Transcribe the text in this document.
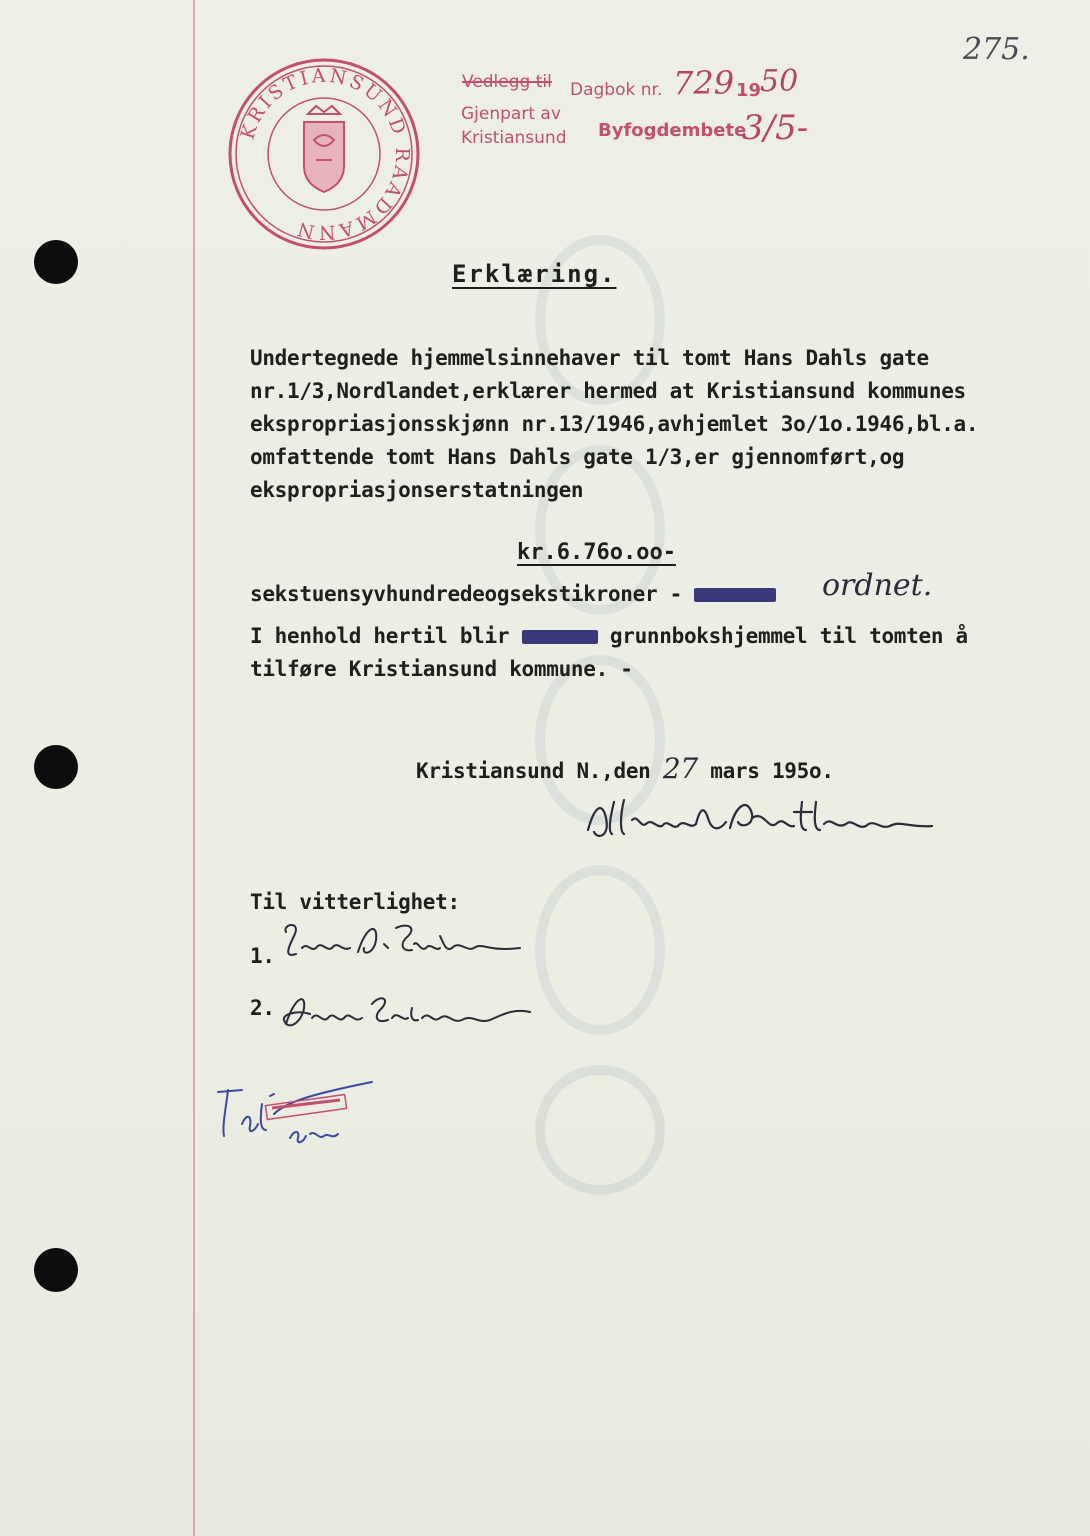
275.
KRISTIANSUND RAADMANN
Vedlegg til Dagbok nr. 729 19
50
Gjenpart av
Kristiansund Byfogdembete
3/5-
Erklæring.
Undertegnede hjemmelsinnehaver til tomt Hans Dahls gate
nr.1/3,Nordlandet,erklærer hermed at Kristiansund kommunes
ekspropriasjonsskjønn nr.13/1946,avhjemlet 3o/1o.1946,bl.a.
omfattende tomt Hans Dahls gate 1/3,er gjennomført,og
ekspropriasjonserstatningen
kr.6.76o.oo-
sekstuensyvhundredeogsekstikroner -	ordnet.
I henhold hertil blir	grunnbokshjemmel til tomten å
tilføre Kristiansund kommune. -
Kristiansund N.,den 27 mars 195o.
Til vitterlighet:
1.
2.
